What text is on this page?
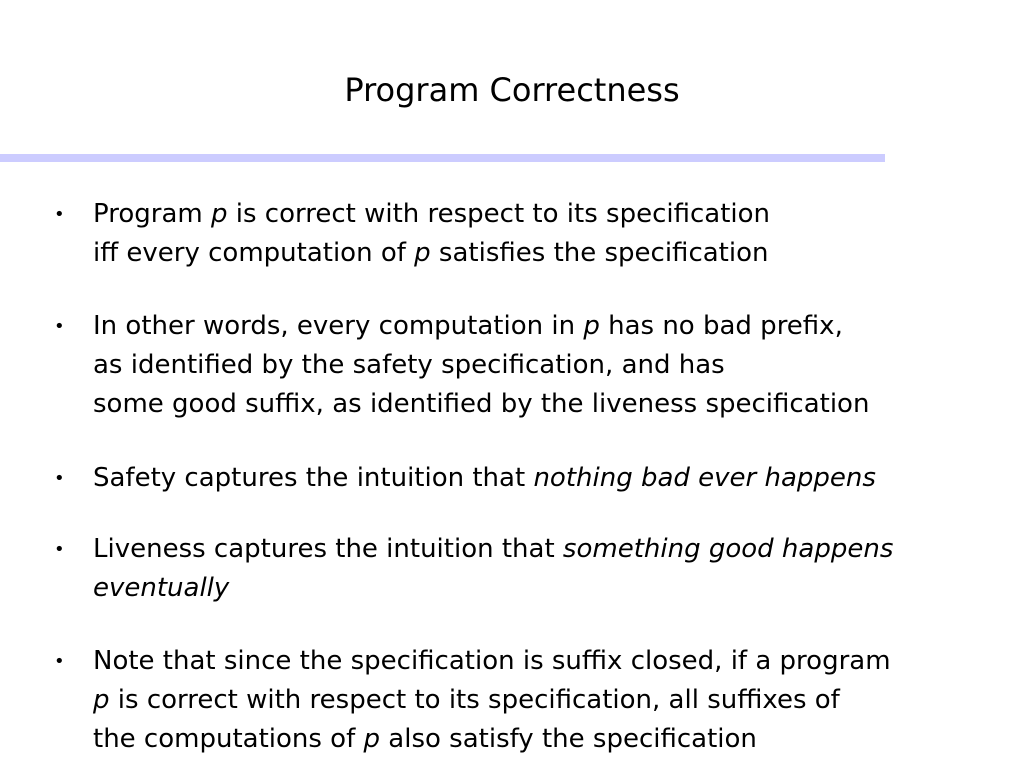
Program Correctness
• Program p is correct with respect to its specification
iff every computation of p satisfies the specification
• In other words, every computation in p has no bad prefix,
as identified by the safety specification, and has
some good suffix, as identified by the liveness specification
• Safety captures the intuition that nothing bad ever happens
• Liveness captures the intuition that something good happens
eventually
• Note that since the specification is suffix closed, if a program
p is correct with respect to its specification, all suffixes of
the computations of p also satisfy the specification
